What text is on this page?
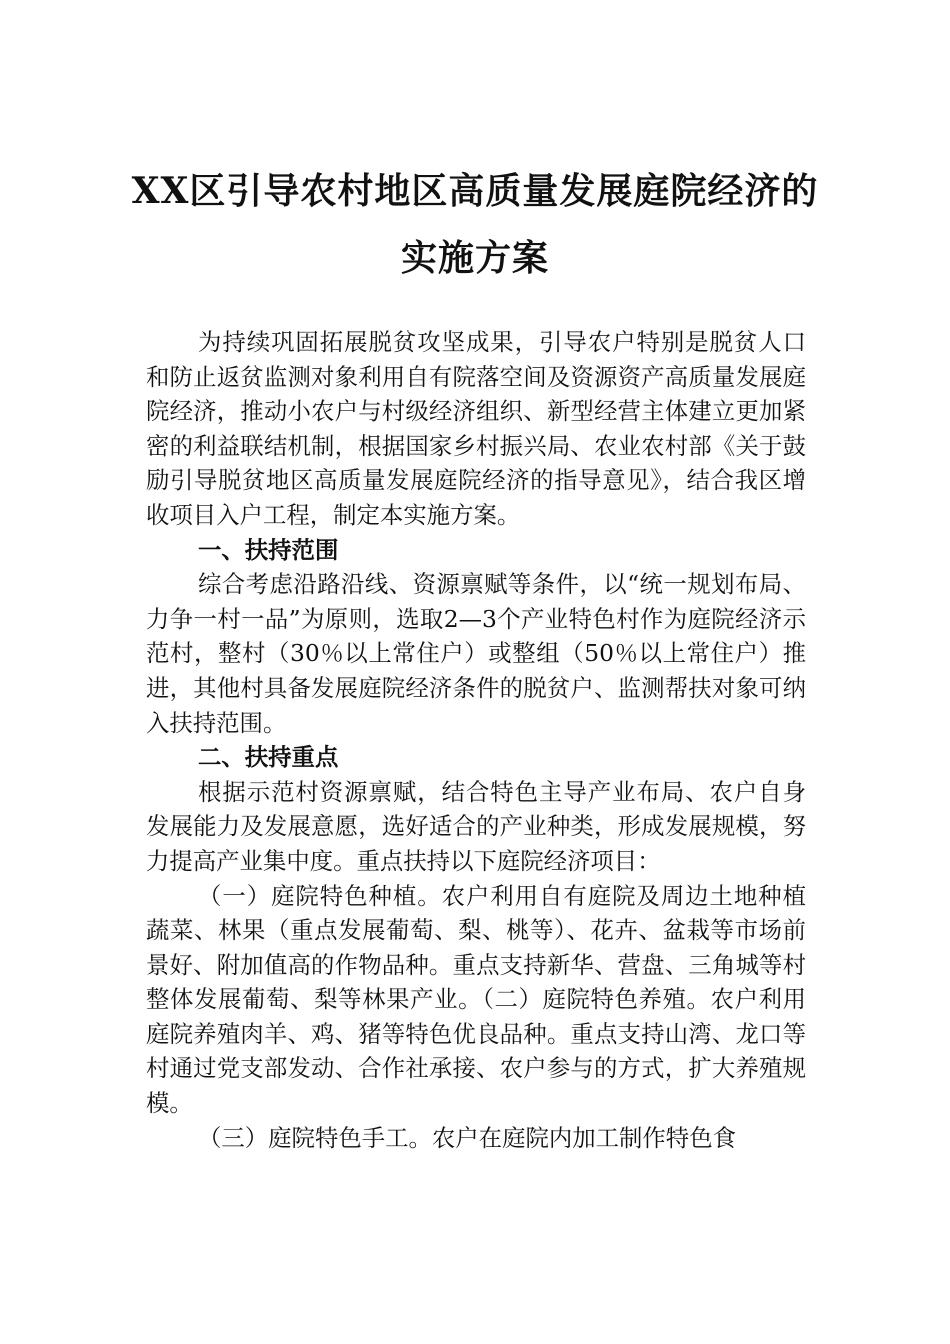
XX区引导农村地区高质量发展庭院经济的
实施方案

为持续巩固拓展脱贫攻坚成果，引导农户特别是脱贫人口和防止返贫监测对象利用自有院落空间及资源资产高质量发展庭院经济，推动小农户与村级经济组织、新型经营主体建立更加紧密的利益联结机制，根据国家乡村振兴局、农业农村部《关于鼓励引导脱贫地区高质量发展庭院经济的指导意见》，结合我区增收项目入户工程，制定本实施方案。

一、扶持范围

综合考虑沿路沿线、资源禀赋等条件，以“统一规划布局、力争一村一品”为原则，选取2—3个产业特色村作为庭院经济示范村，整村（30％以上常住户）或整组（50％以上常住户）推进，其他村具备发展庭院经济条件的脱贫户、监测帮扶对象可纳入扶持范围。

二、扶持重点

根据示范村资源禀赋，结合特色主导产业布局、农户自身发展能力及发展意愿，选好适合的产业种类，形成发展规模，努力提高产业集中度。重点扶持以下庭院经济项目：

（一）庭院特色种植。农户利用自有庭院及周边土地种植蔬菜、林果（重点发展葡萄、梨、桃等）、花卉、盆栽等市场前景好、附加值高的作物品种。重点支持新华、营盘、三角城等村整体发展葡萄、梨等林果产业。（二）庭院特色养殖。农户利用庭院养殖肉羊、鸡、猪等特色优良品种。重点支持山湾、龙口等村通过党支部发动、合作社承接、农户参与的方式，扩大养殖规模。

（三）庭院特色手工。农户在庭院内加工制作特色食
